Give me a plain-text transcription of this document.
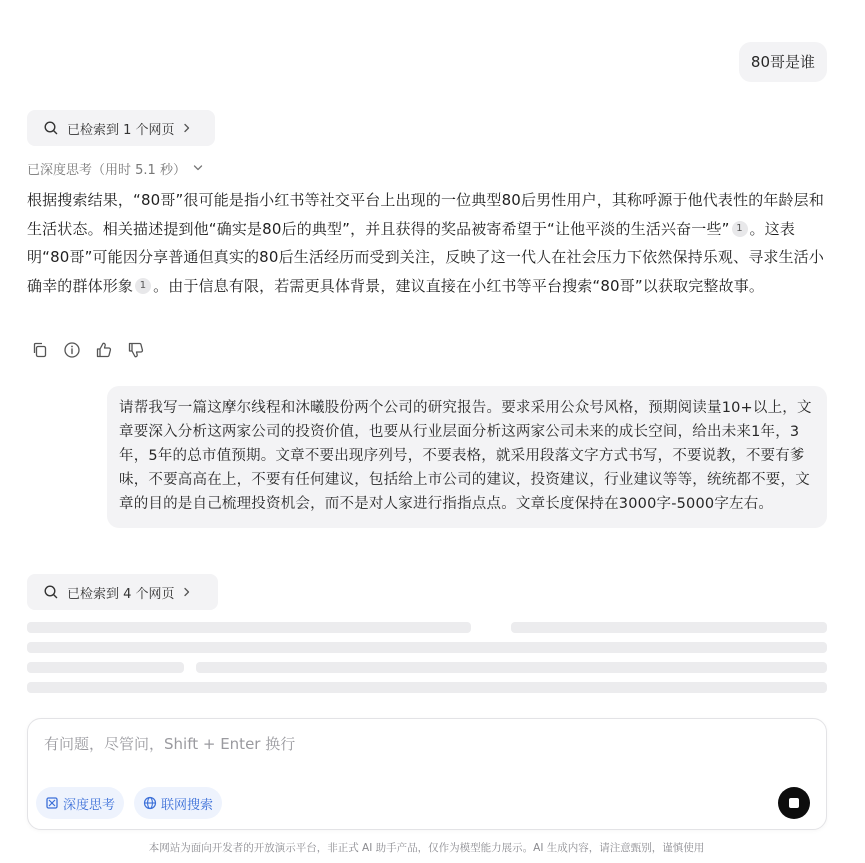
80哥是谁
已检索到 1 个网页
已深度思考（用时 5.1 秒）
根据搜索结果，“80哥”很可能是指小红书等社交平台上出现的一位典型80后男性用户，其称呼源于他代表性的年龄层和生活状态。相关描述提到他“确实是80后的典型”，并且获得的奖品被寄希望于“让他平淡的生活兴奋一些” 1 。这表明“80哥”可能因分享普通但真实的80后生活经历而受到关注，反映了这一代人在社会压力下依然保持乐观、寻求生活小确幸的群体形象 1 。由于信息有限，若需更具体背景，建议直接在小红书等平台搜索“80哥”以获取完整故事。
请帮我写一篇这摩尔线程和沐曦股份两个公司的研究报告。要求采用公众号风格，预期阅读量10+以上，文章要深入分析这两家公司的投资价值，也要从行业层面分析这两家公司未来的成长空间，给出未来1年，3年，5年的总市值预期。文章不要出现序列号，不要表格，就采用段落文字方式书写，不要说教，不要有爹味，不要高高在上，不要有任何建议，包括给上市公司的建议，投资建议，行业建议等等，统统都不要，文章的目的是自己梳理投资机会，而不是对人家进行指指点点。文章长度保持在3000字-5000字左右。
已检索到 4 个网页
有问题，尽管问，Shift + Enter 换行
深度思考	联网搜索
本网站为面向开发者的开放演示平台，非正式 AI 助手产品，仅作为模型能力展示。AI 生成内容，请注意甄别，谨慎使用
